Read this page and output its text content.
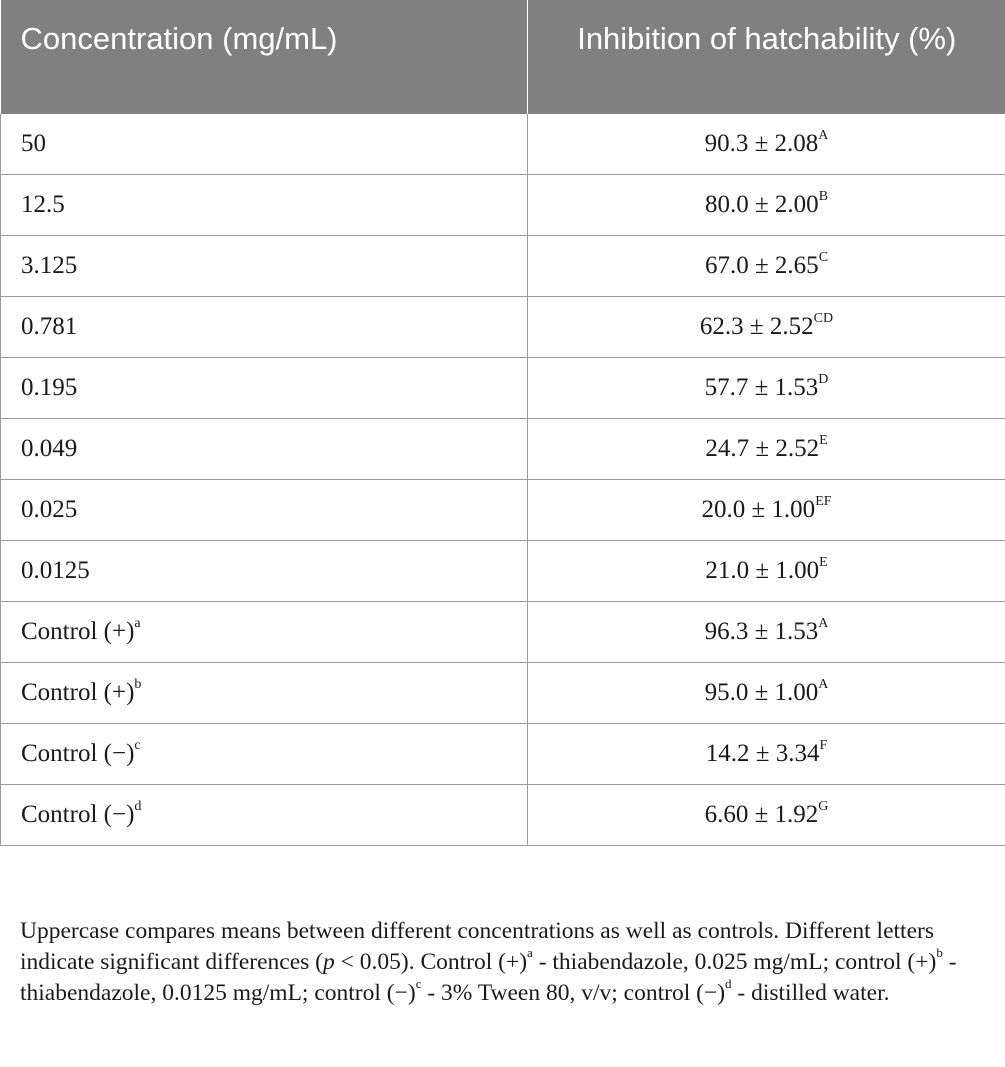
Concentration (mg/mL)	Inhibition of hatchability (%)
50	$90.3 \pm 2.08^A$
12.5	$80.0 \pm 2.00^B$
3.125	$67.0 \pm 2.65^C$
0.781	$62.3 \pm 2.52^{CD}$
0.195	$57.7 \pm 1.53^D$
0.049	$24.7 \pm 2.52^E$
0.025	$20.0 \pm 1.00^{EF}$
0.0125	$21.0 \pm 1.00^E$
Control $(+)^a$	$96.3 \pm 1.53^A$
Control $(+)^b$	$95.0 \pm 1.00^A$
Control $(-)^c$	$14.2 \pm 3.34^F$
Control $(-)^d$	$6.60 \pm 1.92^G$
Uppercase compares means between different concentrations as well as controls. Different letters indicate significant differences (p < 0.05). Control $(+)^a$ - thiabendazole, 0.025 mg/mL; control $(+)^b$ - thiabendazole, 0.0125 mg/mL; control $(-)^c - 3\%$ Tween 80, v/v; control $(-)^d$ - distilled water.
